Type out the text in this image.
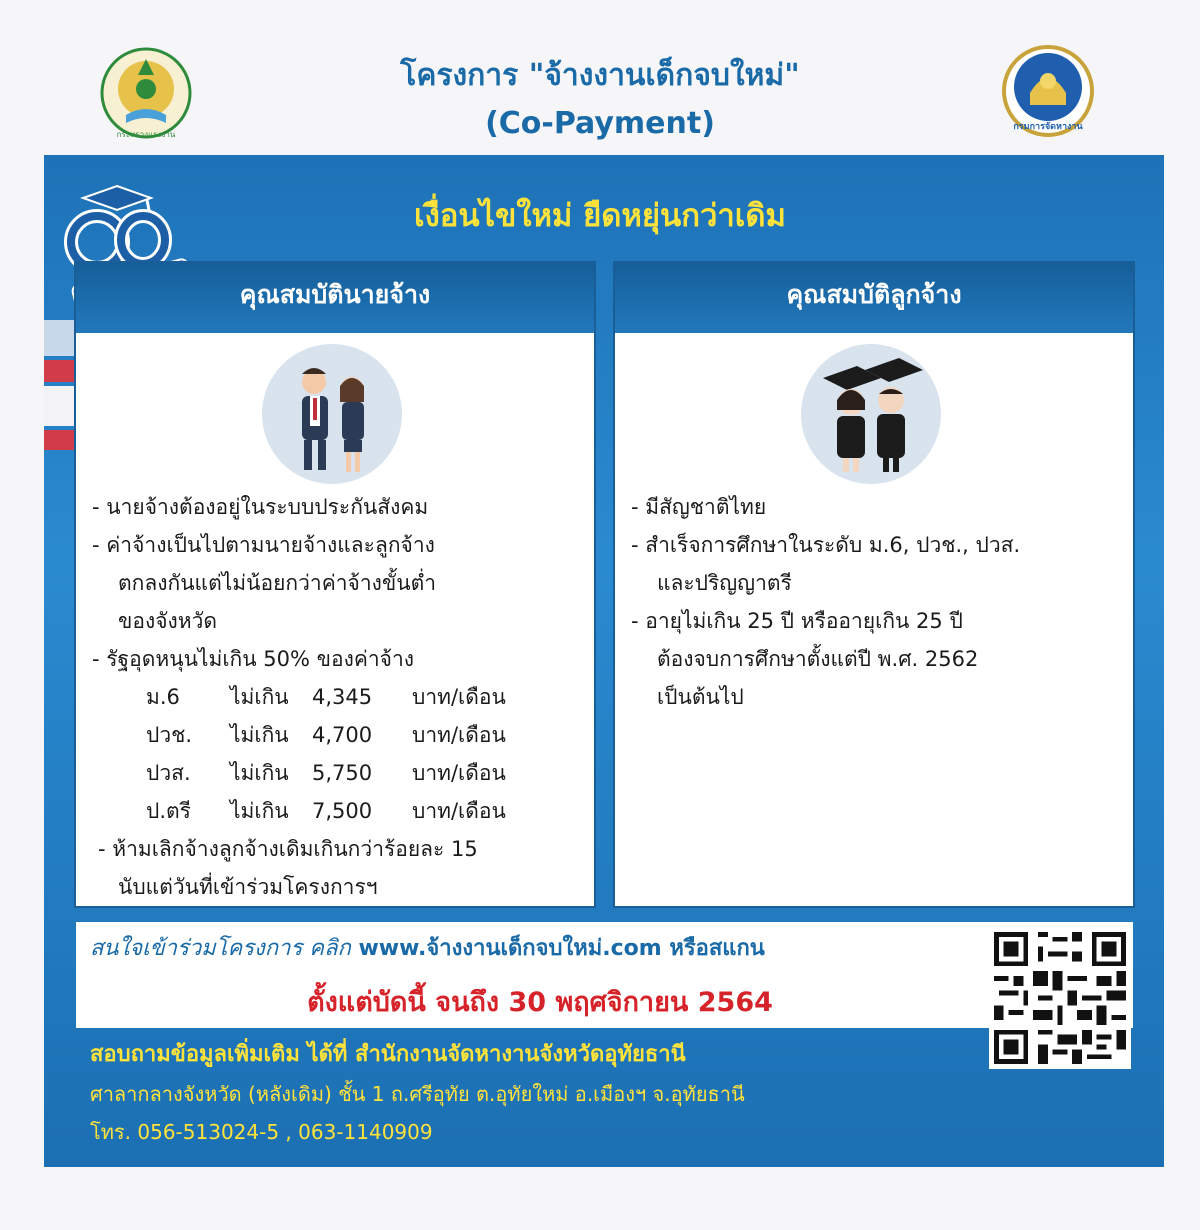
กระทรวงแรงงาน
กรมการจัดหางาน
โครงการ "จ้างงานเด็กจบใหม่"
(Co-Payment)
เงื่อนไขใหม่ ยืดหยุ่นกว่าเดิม
คุณสมบัตินายจ้าง
- นายจ้างต้องอยู่ในระบบประกันสังคม
- ค่าจ้างเป็นไปตามนายจ้างและลูกจ้าง
ตกลงกันแต่ไม่น้อยกว่าค่าจ้างขั้นต่ำ
ของจังหวัด
- รัฐอุดหนุนไม่เกิน 50% ของค่าจ้าง
ม.6	ไม่เกิน	4,345	บาท/เดือน
ปวช.	ไม่เกิน	4,700	บาท/เดือน
ปวส.	ไม่เกิน	5,750	บาท/เดือน
ป.ตรี	ไม่เกิน	7,500	บาท/เดือน
- ห้ามเลิกจ้างลูกจ้างเดิมเกินกว่าร้อยละ 15
นับแต่วันที่เข้าร่วมโครงการฯ
คุณสมบัติลูกจ้าง
- มีสัญชาติไทย
- สำเร็จการศึกษาในระดับ ม.6, ปวช., ปวส.
และปริญญาตรี
- อายุไม่เกิน 25 ปี หรืออายุเกิน 25 ปี
ต้องจบการศึกษาตั้งแต่ปี พ.ศ. 2562
เป็นต้นไป
สนใจเข้าร่วมโครงการ คลิก www.จ้างงานเด็กจบใหม่.com หรือสแกน
ตั้งแต่บัดนี้ จนถึง 30 พฤศจิกายน 2564
สอบถามข้อมูลเพิ่มเติม ได้ที่ สำนักงานจัดหางานจังหวัดอุทัยธานี
ศาลากลางจังหวัด (หลังเดิม) ชั้น 1 ถ.ศรีอุทัย ต.อุทัยใหม่ อ.เมืองฯ จ.อุทัยธานี
โทร. 056-513024-5 , 063-1140909
